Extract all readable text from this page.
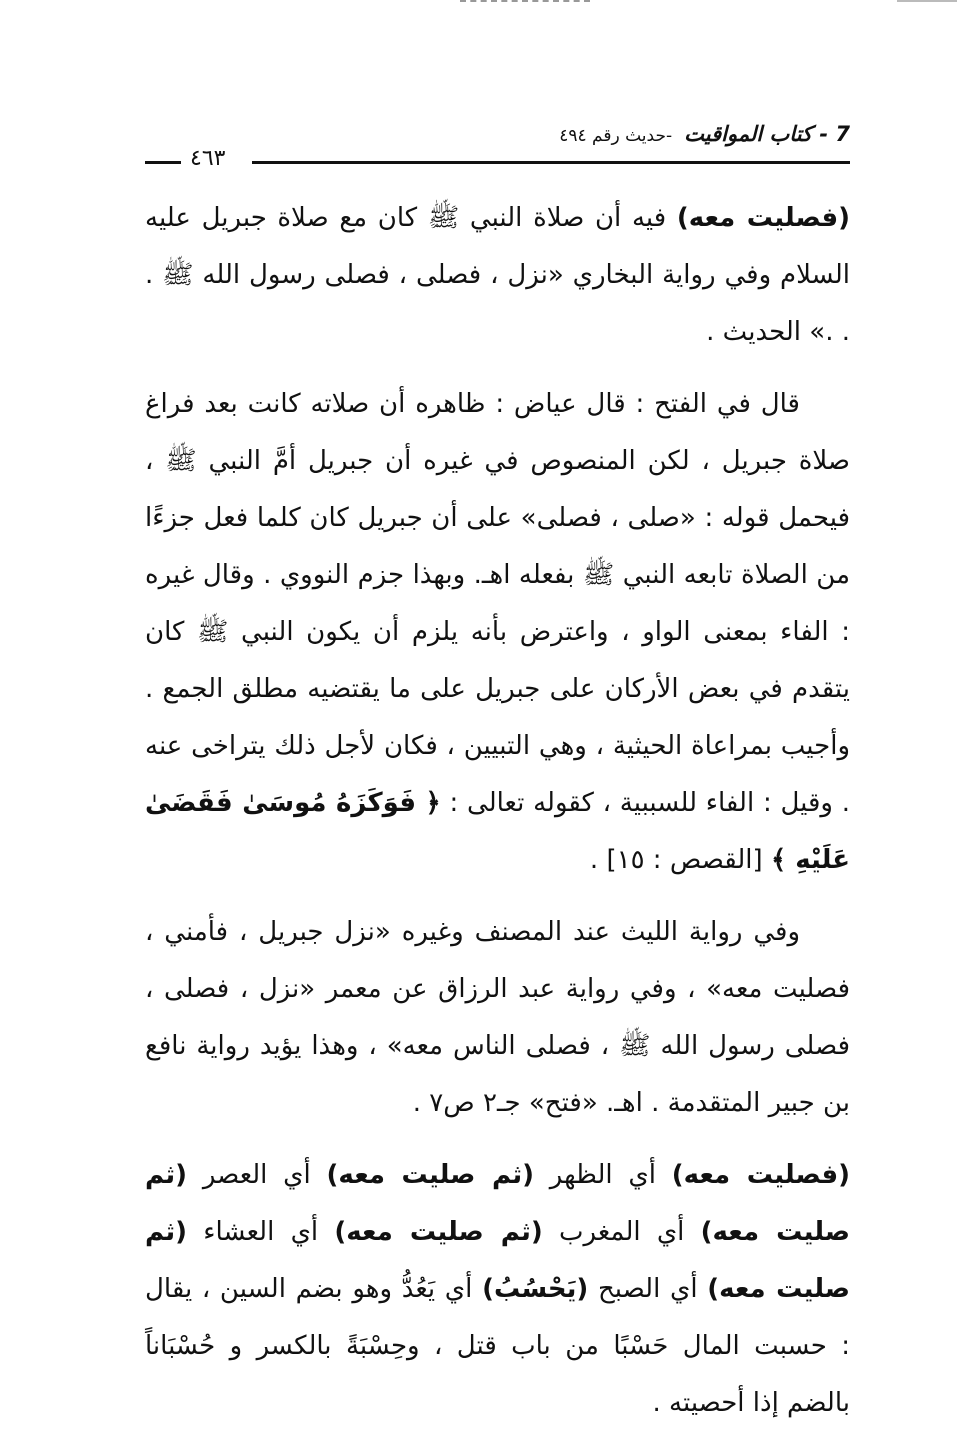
7 - كتاب المواقيت -حديث رقم ٤٩٤
٤٦٣

(فصليت معه) فيه أن صلاة النبي ﷺ كان مع صلاة جبريل عليه السلام وفي رواية البخاري «نزل ، فصلى ، فصلى رسول الله ﷺ . . .» الحديث .

قال في الفتح : قال عياض : ظاهره أن صلاته كانت بعد فراغ صلاة جبريل ، لكن المنصوص في غيره أن جبريل أمَّ النبي ﷺ ، فيحمل قوله : «صلى ، فصلى» على أن جبريل كان كلما فعل جزءًا من الصلاة تابعه النبي ﷺ بفعله اهـ. وبهذا جزم النووي . وقال غيره : الفاء بمعنى الواو ، واعترض بأنه يلزم أن يكون النبي ﷺ كان يتقدم في بعض الأركان على جبريل على ما يقتضيه مطلق الجمع . وأجيب بمراعاة الحيثية ، وهي التبيين ، فكان لأجل ذلك يتراخى عنه . وقيل : الفاء للسببية ، كقوله تعالى : ﴿ فَوَكَزَهُ مُوسَىٰ فَقَضَىٰ عَلَيْهِ ﴾ [القصص : ١٥] .

وفي رواية الليث عند المصنف وغيره «نزل جبريل ، فأمني ، فصليت معه» ، وفي رواية عبد الرزاق عن معمر «نزل ، فصلى ، فصلى رسول الله ﷺ ، فصلى الناس معه» ، وهذا يؤيد رواية نافع بن جبير المتقدمة . اهـ. «فتح» جـ٢ ص٧ .

(فصليت معه) أي الظهر (ثم صليت معه) أي العصر (ثم صليت معه) أي المغرب (ثم صليت معه) أي العشاء (ثم صليت معه) أي الصبح (يَحْسُبُ) أي يَعُدُّ وهو بضم السين ، يقال : حسبت المال حَسْبًا من باب قتل ، وحِسْبَةً بالكسر و حُسْبَاناً بالضم إذا أحصيته .
